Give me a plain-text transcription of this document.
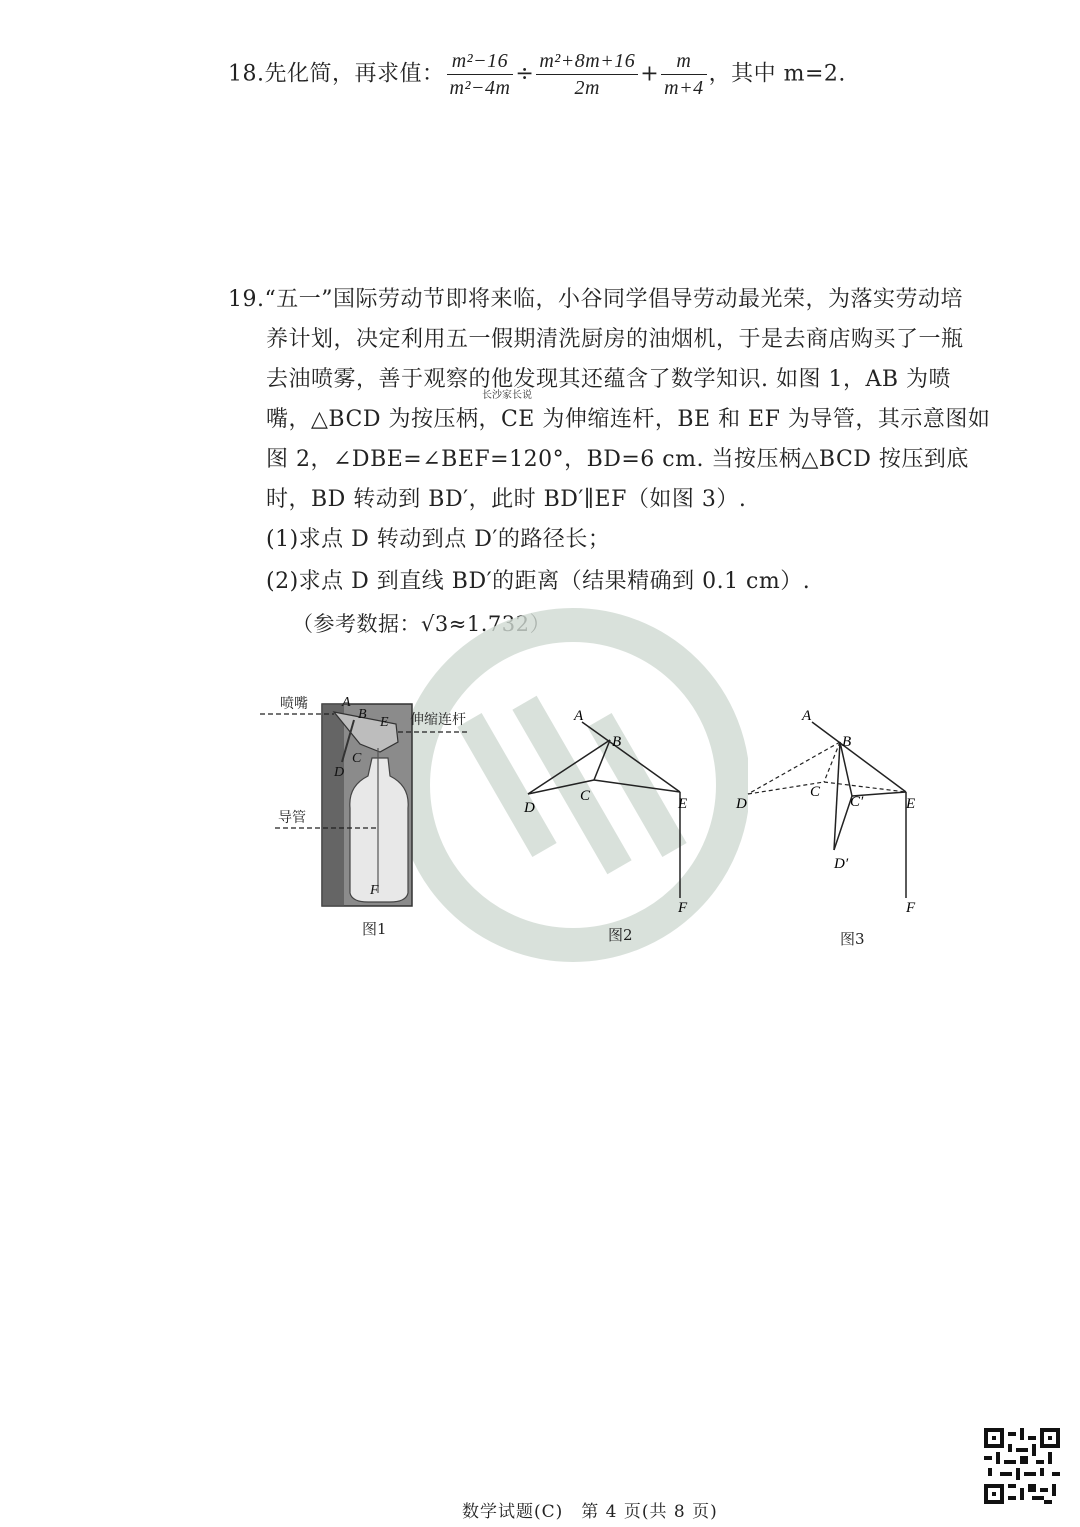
18.先化简，再求值： $\frac{\text{m²−16}}{\text{m²−4m}} \div \frac{\text{m²+8m+16}}{2m} + \frac{m}{m+4}$ ，其中 m=2.
19.“五一”国际劳动节即将来临，小谷同学倡导劳动最光荣，为落实劳动培
养计划，决定利用五一假期清洗厨房的油烟机，于是去商店购买了一瓶
去油喷雾，善于观察的他发现其还蕴含了数学知识. 如图 1，AB 为喷
嘴，△BCD 为按压柄，CE 为伸缩连杆，BE 和 EF 为导管，其示意图如
图 2，∠DBE=∠BEF=120°，BD=6 cm. 当按压柄△BCD 按压到底
时，BD 转动到 BD′，此时 BD′∥EF（如图 3）.
(1)求点 D 转动到点 D′的路径长；
(2)求点 D 到直线 BD′的距离（结果精确到 0.1 cm）.
（参考数据：√3≈1.732）
长沙家长说
喷嘴
伸缩连杆
导管
A
B
E
C
D
F
图1
A
B
C
D	E
F
图2
A
B
C
C′
D
D′
E
F
图3
数学试题(C)　第 4 页(共 8 页)
